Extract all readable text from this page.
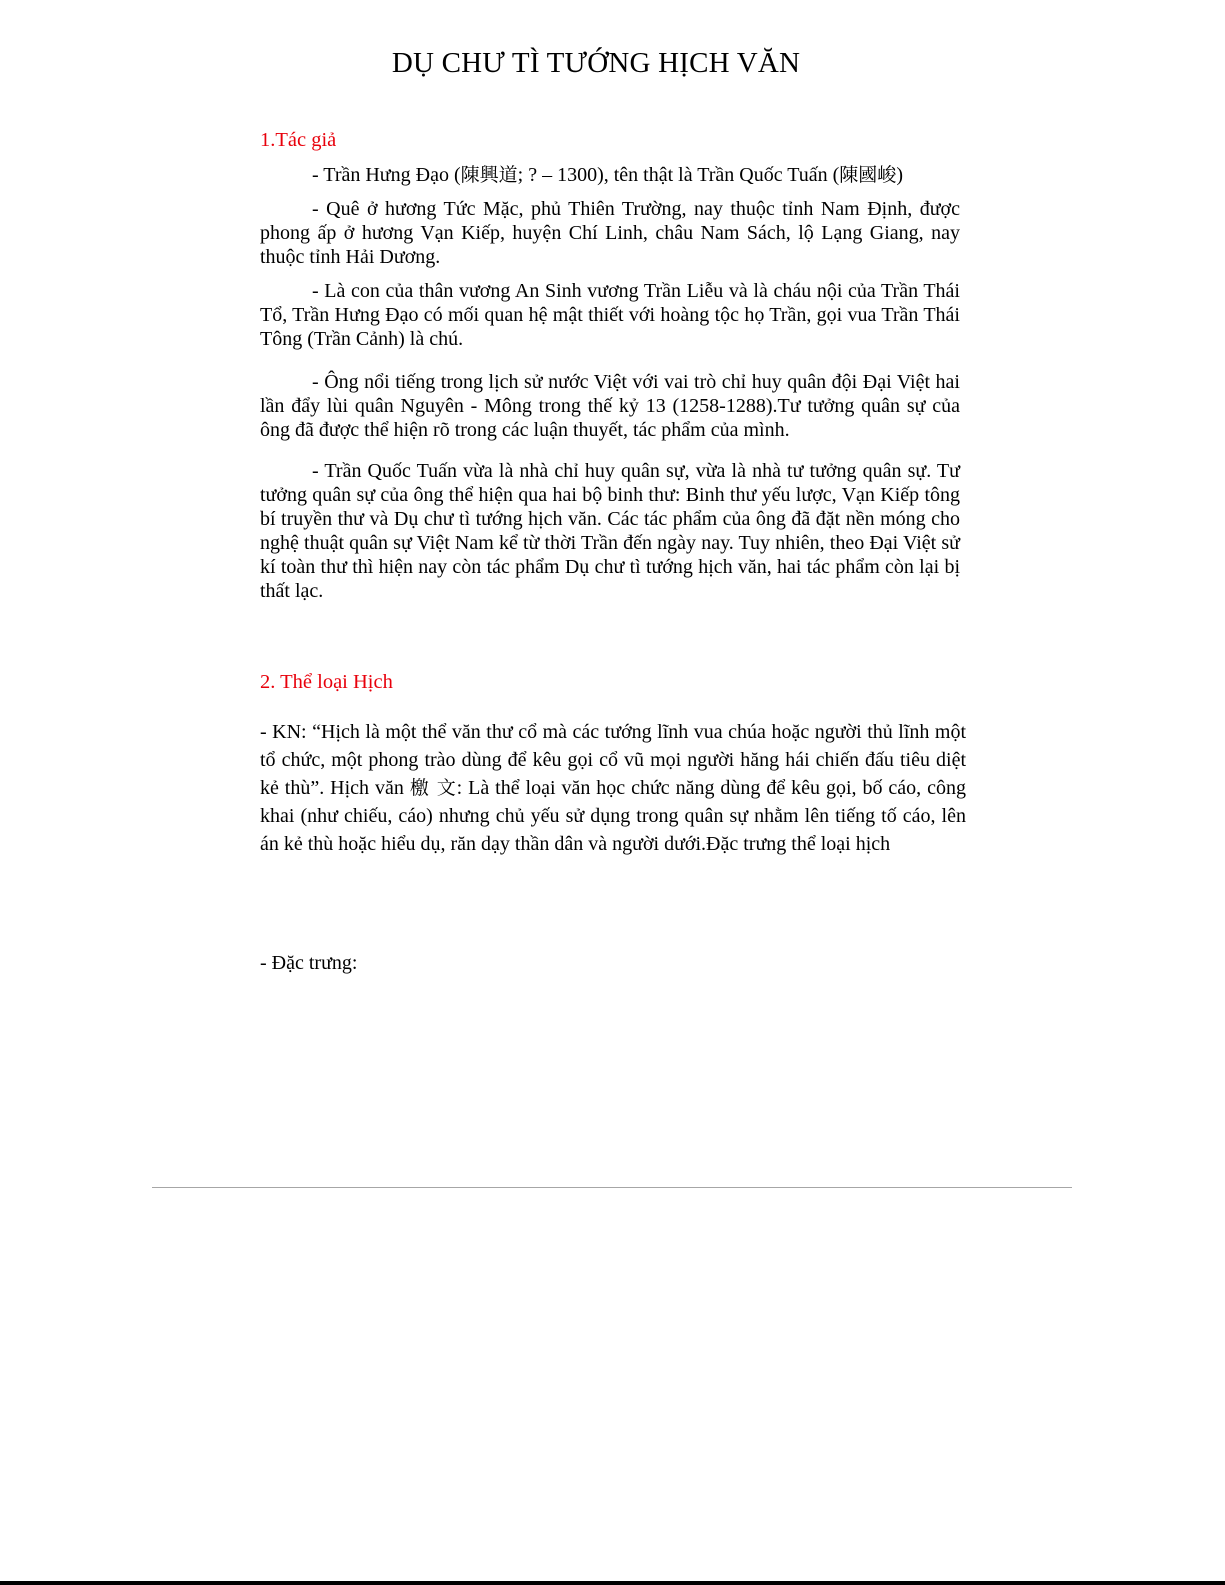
DỤ CHƯ TÌ TƯỚNG HỊCH VĂN
1.Tác giả
- Trần Hưng Đạo (陳興道; ? – 1300), tên thật là Trần Quốc Tuấn (陳國峻)

- Quê ở hương Tức Mặc, phủ Thiên Trường, nay thuộc tỉnh Nam Định, được phong ấp ở hương Vạn Kiếp, huyện Chí Linh, châu Nam Sách, lộ Lạng Giang, nay thuộc tỉnh Hải Dương.

- Là con của thân vương An Sinh vương Trần Liễu và là cháu nội của Trần Thái Tổ, Trần Hưng Đạo có mối quan hệ mật thiết với hoàng tộc họ Trần, gọi vua Trần Thái Tông (Trần Cảnh) là chú.

- Ông nổi tiếng trong lịch sử nước Việt với vai trò chỉ huy quân đội Đại Việt hai lần đẩy lùi quân Nguyên - Mông trong thế kỷ 13 (1258-1288).Tư tưởng quân sự của ông đã được thể hiện rõ trong các luận thuyết, tác phẩm của mình.

- Trần Quốc Tuấn vừa là nhà chỉ huy quân sự, vừa là nhà tư tưởng quân sự. Tư tưởng quân sự của ông thể hiện qua hai bộ binh thư: Binh thư yếu lược, Vạn Kiếp tông bí truyền thư và Dụ chư tì tướng hịch văn. Các tác phẩm của ông đã đặt nền móng cho nghệ thuật quân sự Việt Nam kể từ thời Trần đến ngày nay. Tuy nhiên, theo Đại Việt sử kí toàn thư thì hiện nay còn tác phẩm Dụ chư tì tướng hịch văn, hai tác phẩm còn lại bị thất lạc.

2. Thể loại Hịch

- KN: “Hịch là một thể văn thư cổ mà các tướng lĩnh vua chúa hoặc người thủ lĩnh một tổ chức, một phong trào dùng để kêu gọi cổ vũ mọi người hăng hái chiến đấu tiêu diệt kẻ thù”. Hịch văn 檄 文: Là thể loại văn học chức năng dùng để kêu gọi, bố cáo, công khai (như chiếu, cáo) nhưng chủ yếu sử dụng trong quân sự nhằm lên tiếng tố cáo, lên án kẻ thù hoặc hiểu dụ, răn dạy thần dân và người dưới.Đặc trưng thể loại hịch

- Đặc trưng:
